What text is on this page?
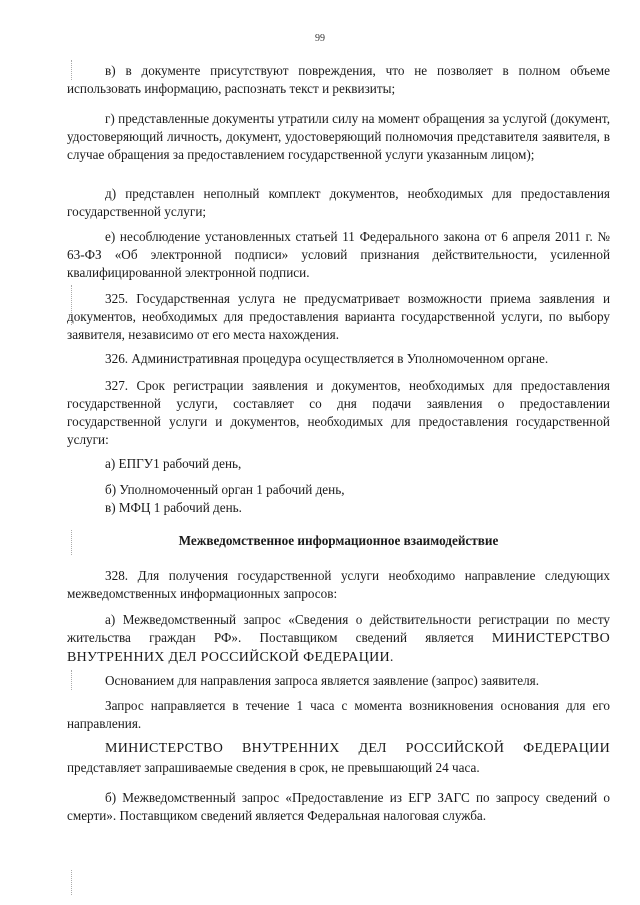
99

в) в документе присутствуют повреждения, что не позволяет в полном объеме использовать информацию, распознать текст и реквизиты;

г) представленные документы утратили силу на момент обращения за услугой (документ, удостоверяющий личность, документ, удостоверяющий полномочия представителя заявителя, в случае обращения за предоставлением государственной услуги указанным лицом);

д) представлен неполный комплект документов, необходимых для предоставления государственной услуги;

е) несоблюдение установленных статьей 11 Федерального закона от 6 апреля 2011 г. № 63-ФЗ «Об электронной подписи» условий признания действительности, усиленной квалифицированной электронной подписи.

325. Государственная услуга не предусматривает возможности приема заявления и документов, необходимых для предоставления варианта государственной услуги, по выбору заявителя, независимо от его места нахождения.

326. Административная процедура осуществляется в Уполномоченном органе.

327. Срок регистрации заявления и документов, необходимых для предоставления государственной услуги, составляет со дня подачи заявления о предоставлении государственной услуги и документов, необходимых для предоставления государственной услуги:

а) ЕПГУ1 рабочий день,

б) Уполномоченный орган 1 рабочий день,

в) МФЦ 1 рабочий день.

Межведомственное информационное взаимодействие

328. Для получения государственной услуги необходимо направление следующих межведомственных информационных запросов:

а) Межведомственный запрос «Сведения о действительности регистрации по месту жительства граждан РФ». Поставщиком сведений является МИНИСТЕРСТВО ВНУТРЕННИХ ДЕЛ РОССИЙСКОЙ ФЕДЕРАЦИИ.

Основанием для направления запроса является заявление (запрос) заявителя.

Запрос направляется в течение 1 часа с момента возникновения основания для его направления.

МИНИСТЕРСТВО ВНУТРЕННИХ ДЕЛ РОССИЙСКОЙ ФЕДЕРАЦИИ

представляет запрашиваемые сведения в срок, не превышающий 24 часа.

б) Межведомственный запрос «Предоставление из ЕГР ЗАГС по запросу сведений о смерти». Поставщиком сведений является Федеральная налоговая служба.
